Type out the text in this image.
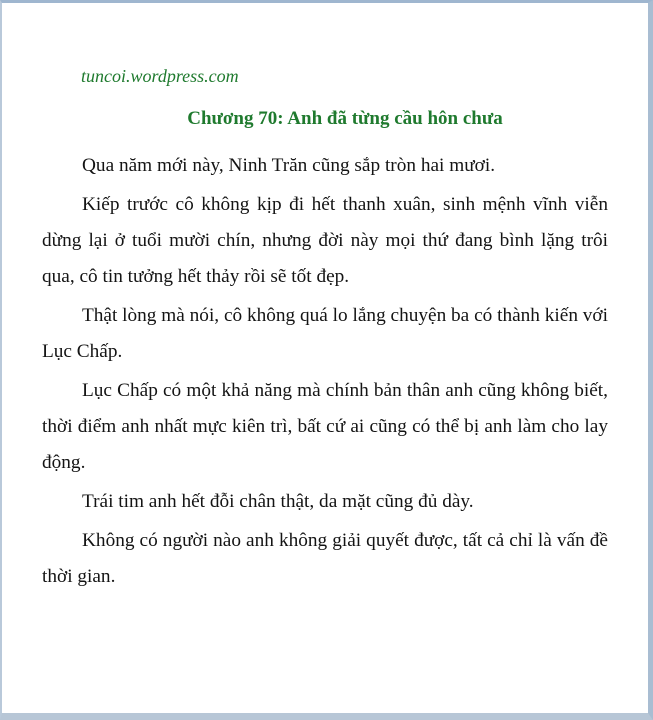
tuncoi.wordpress.com

Chương 70: Anh đã từng cầu hôn chưa

Qua năm mới này, Ninh Trăn cũng sắp tròn hai mươi.

Kiếp trước cô không kịp đi hết thanh xuân, sinh mệnh vĩnh viễn dừng lại ở tuổi mười chín, nhưng đời này mọi thứ đang bình lặng trôi qua, cô tin tưởng hết thảy rồi sẽ tốt đẹp.

Thật lòng mà nói, cô không quá lo lắng chuyện ba có thành kiến với Lục Chấp.

Lục Chấp có một khả năng mà chính bản thân anh cũng không biết, thời điểm anh nhất mực kiên trì, bất cứ ai cũng có thể bị anh làm cho lay động.

Trái tim anh hết đỗi chân thật, da mặt cũng đủ dày.

Không có người nào anh không giải quyết được, tất cả chỉ là vấn đề thời gian.
